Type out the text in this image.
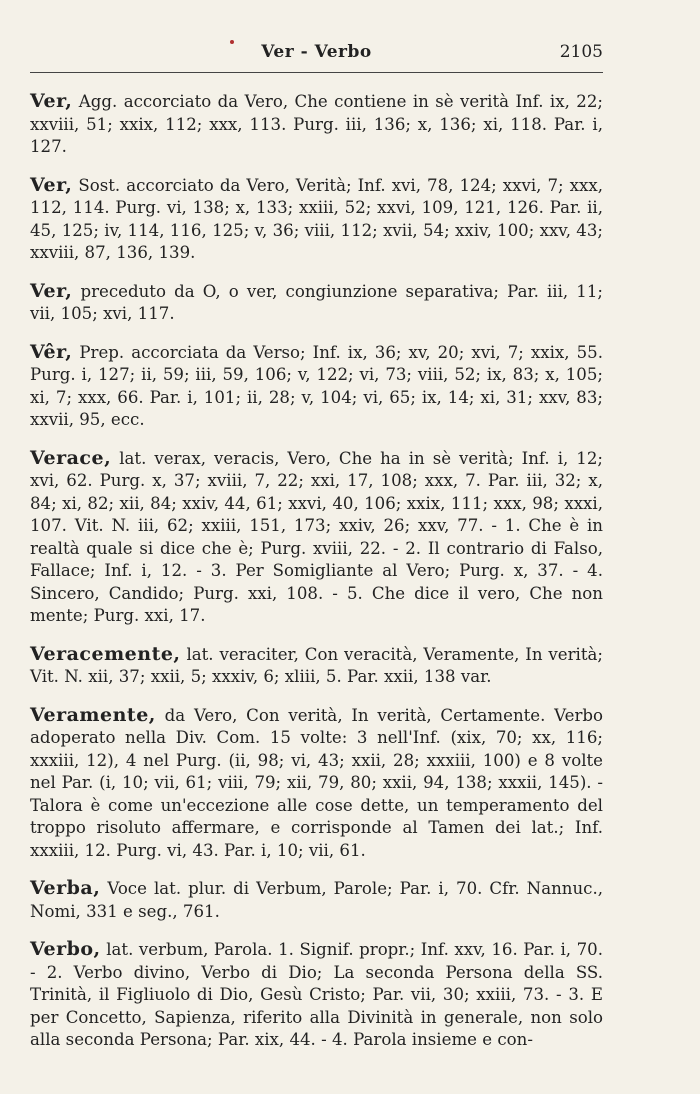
Ver - Verbo	2105

Ver, Agg. accorciato da Vero, Che contiene in sè verità Inf. ix, 22; xxviii, 51; xxix, 112; xxx, 113. Purg. iii, 136; x, 136; xi, 118. Par. i, 127.

Ver, Sost. accorciato da Vero, Verità; Inf. xvi, 78, 124; xxvi, 7; xxx, 112, 114. Purg. vi, 138; x, 133; xxiii, 52; xxvi, 109, 121, 126. Par. ii, 45, 125; iv, 114, 116, 125; v, 36; viii, 112; xvii, 54; xxiv, 100; xxv, 43; xxviii, 87, 136, 139.

Ver, preceduto da O, o ver, congiunzione separativa; Par. iii, 11; vii, 105; xvi, 117.

Vêr, Prep. accorciata da Verso; Inf. ix, 36; xv, 20; xvi, 7; xxix, 55. Purg. i, 127; ii, 59; iii, 59, 106; v, 122; vi, 73; viii, 52; ix, 83; x, 105; xi, 7; xxx, 66. Par. i, 101; ii, 28; v, 104; vi, 65; ix, 14; xi, 31; xxv, 83; xxvii, 95, ecc.

Verace, lat. verax, veracis, Vero, Che ha in sè verità; Inf. i, 12; xvi, 62. Purg. x, 37; xviii, 7, 22; xxi, 17, 108; xxx, 7. Par. iii, 32; x, 84; xi, 82; xii, 84; xxiv, 44, 61; xxvi, 40, 106; xxix, 111; xxx, 98; xxxi, 107. Vit. N. iii, 62; xxiii, 151, 173; xxiv, 26; xxv, 77. - 1. Che è in realtà quale si dice che è; Purg. xviii, 22. - 2. Il contrario di Falso, Fallace; Inf. i, 12. - 3. Per Somigliante al Vero; Purg. x, 37. - 4. Sincero, Candido; Purg. xxi, 108. - 5. Che dice il vero, Che non mente; Purg. xxi, 17.

Veracemente, lat. veraciter, Con veracità, Veramente, In verità; Vit. N. xii, 37; xxii, 5; xxxiv, 6; xliii, 5. Par. xxii, 138 var.

Veramente, da Vero, Con verità, In verità, Certamente. Verbo adoperato nella Div. Com. 15 volte: 3 nell'Inf. (xix, 70; xx, 116; xxxiii, 12), 4 nel Purg. (ii, 98; vi, 43; xxii, 28; xxxiii, 100) e 8 volte nel Par. (i, 10; vii, 61; viii, 79; xii, 79, 80; xxii, 94, 138; xxxii, 145). - Talora è come un'eccezione alle cose dette, un temperamento del troppo risoluto affermare, e corrisponde al Tamen dei lat.; Inf. xxxiii, 12. Purg. vi, 43. Par. i, 10; vii, 61.

Verba, Voce lat. plur. di Verbum, Parole; Par. i, 70. Cfr. Nannuc., Nomi, 331 e seg., 761.

Verbo, lat. verbum, Parola. 1. Signif. propr.; Inf. xxv, 16. Par. i, 70. - 2. Verbo divino, Verbo di Dio; La seconda Persona della SS. Trinità, il Figliuolo di Dio, Gesù Cristo; Par. vii, 30; xxiii, 73. - 3. E per Concetto, Sapienza, riferito alla Divinità in generale, non solo alla seconda Persona; Par. xix, 44. - 4. Parola insieme e con-
